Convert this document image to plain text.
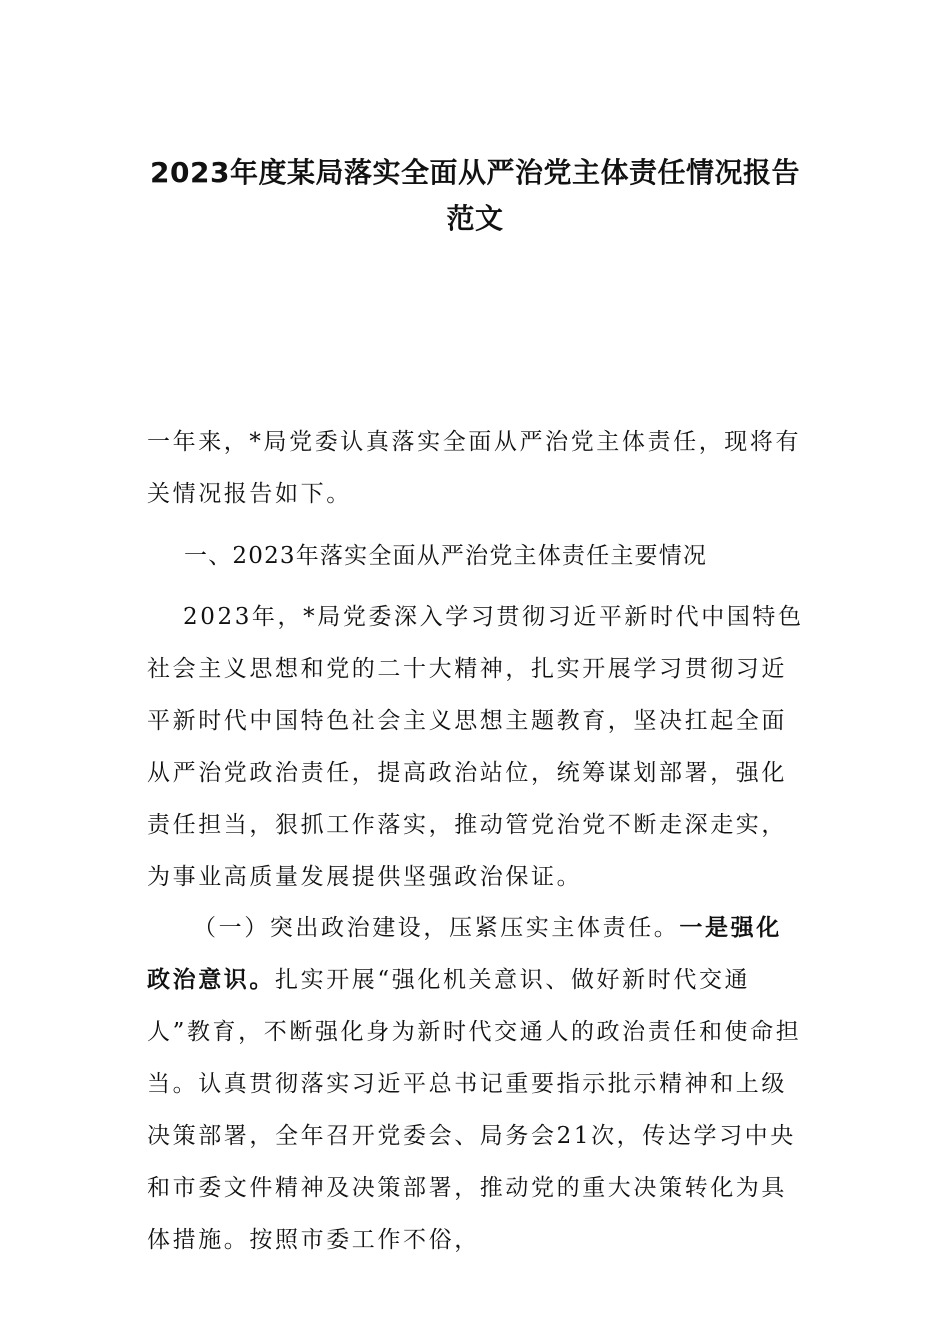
2023年度某局落实全面从严治党主体责任情况报告
范文

一年来，*局党委认真落实全面从严治党主体责任，现将有关情况报告如下。

一、2023年落实全面从严治党主体责任主要情况

2023年，*局党委深入学习贯彻习近平新时代中国特色社会主义思想和党的二十大精神，扎实开展学习贯彻习近平新时代中国特色社会主义思想主题教育，坚决扛起全面从严治党政治责任，提高政治站位，统筹谋划部署，强化责任担当，狠抓工作落实，推动管党治党不断走深走实，为事业高质量发展提供坚强政治保证。

（一）突出政治建设，压紧压实主体责任。一是强化政治意识。扎实开展“强化机关意识、做好新时代交通人”教育，不断强化身为新时代交通人的政治责任和使命担当。认真贯彻落实习近平总书记重要指示批示精神和上级决策部署，全年召开党委会、局务会21次，传达学习中央和市委文件精神及决策部署，推动党的重大决策转化为具体措施。按照市委工作不俗，
